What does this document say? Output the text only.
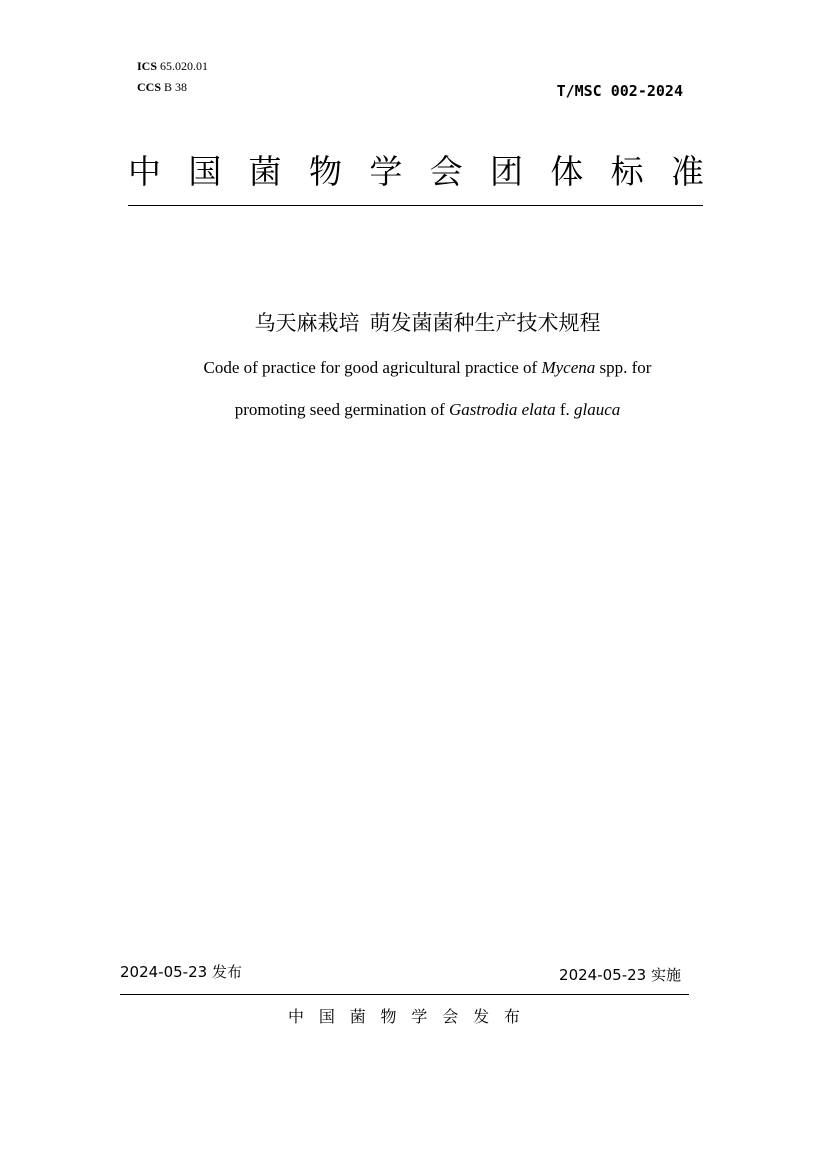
ICS 65.020.01
CCS B 38	T/MSC 002-2024
中 国 菌 物 学 会 团 体 标 准
乌天麻栽培 萌发菌菌种生产技术规程
Code of practice for good agricultural practice of Mycena spp. for
promoting seed germination of Gastrodia elata f. glauca
2024-05-23 发布	2024-05-23 实施
中 国 菌 物 学 会 发 布
